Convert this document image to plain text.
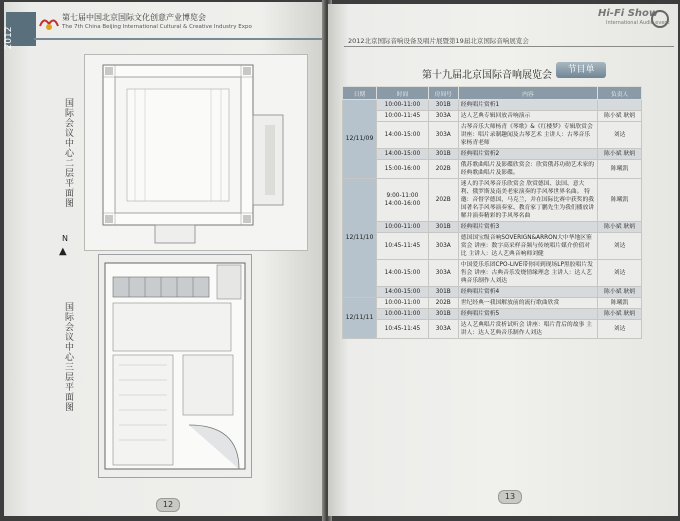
2012
第七届中国北京国际文化创意产业博览会
The 7th China Beijing International Cultural & Creative Industry Expo
国际会议中心二层平面图
N
▲
国际会议中心三层平面图
12
Hi-Fi Show
International Audio event
2012北京国际音响设备及唱片展暨第19届北京国际音响展览会
第十九届北京国际音响展览会	节目单
日期	时间	房间号	内容	负责人
12/11/09	10:00-11:00	301B	经典唱片赏析1	
	10:00-11:45	303A	达人艺典专辑回放音响演示	陈小斌 耿炳
	14:00-15:00	303A	古琴音乐大师杨青《琴歌》&《红楼梦》专辑欣赏会 讲座：唱片录制趣闻及古琴艺术 主讲人：古琴音乐家杨青老师	刘达
	14:00-15:00	301B	经典唱片赏析2	陈小斌 耿炳
	15:00-16:00	202B	俄苏歌曲唱片及影碟欣赏会：欣赏俄苏功勋艺术家的经典歌曲唱片及影碟。	陈曦凯
12/11/10	9:00-11:00 14:00-16:00	202B	迷人的手风琴音乐欣赏会 欣赏德国、法国、意大利、俄罗斯及南美老家演奏的手风琴世界名曲。 特邀：音督学德国，马克兰，并在国际比赛中获奖的我国著名手风琴演奏家、教育家丁鹏先生为我们播放讲解并演奏精彩的手风琴名曲	陈曦凯
	10:00-11:00	301B	经典唱片赏析3	陈小斌 耿炳
	10:45-11:45	303A	德国国宝级音响SOVERIGN&ARRON大中华地区鉴赏会 讲座：数字高采样音频与传统唱片媒介价值对比 主讲人：达人艺典音响师刘健	刘达
	14:00-15:00	303A	中国爱乐乐团CPO-LIVE带你回到现场LP黑胶唱片发售会 讲座：古典音乐发烧情缘理念 主讲人：达人艺典音乐制作人刘达	刘达
	14:00-15:00	301B	经典唱片赏析4	陈小斌 耿炳
12/11/11	10:00-11:00	202B	世纪经典一我国解放前的流行歌曲欣赏	陈曦凯
	10:00-11:00	301B	经典唱片赏析5	陈小斌 耿炳
	10:45-11:45	303A	达人艺典唱片赏析试听会 讲座：唱片背后的故事 主讲人：达人艺典音乐制作人刘达	刘达
13
